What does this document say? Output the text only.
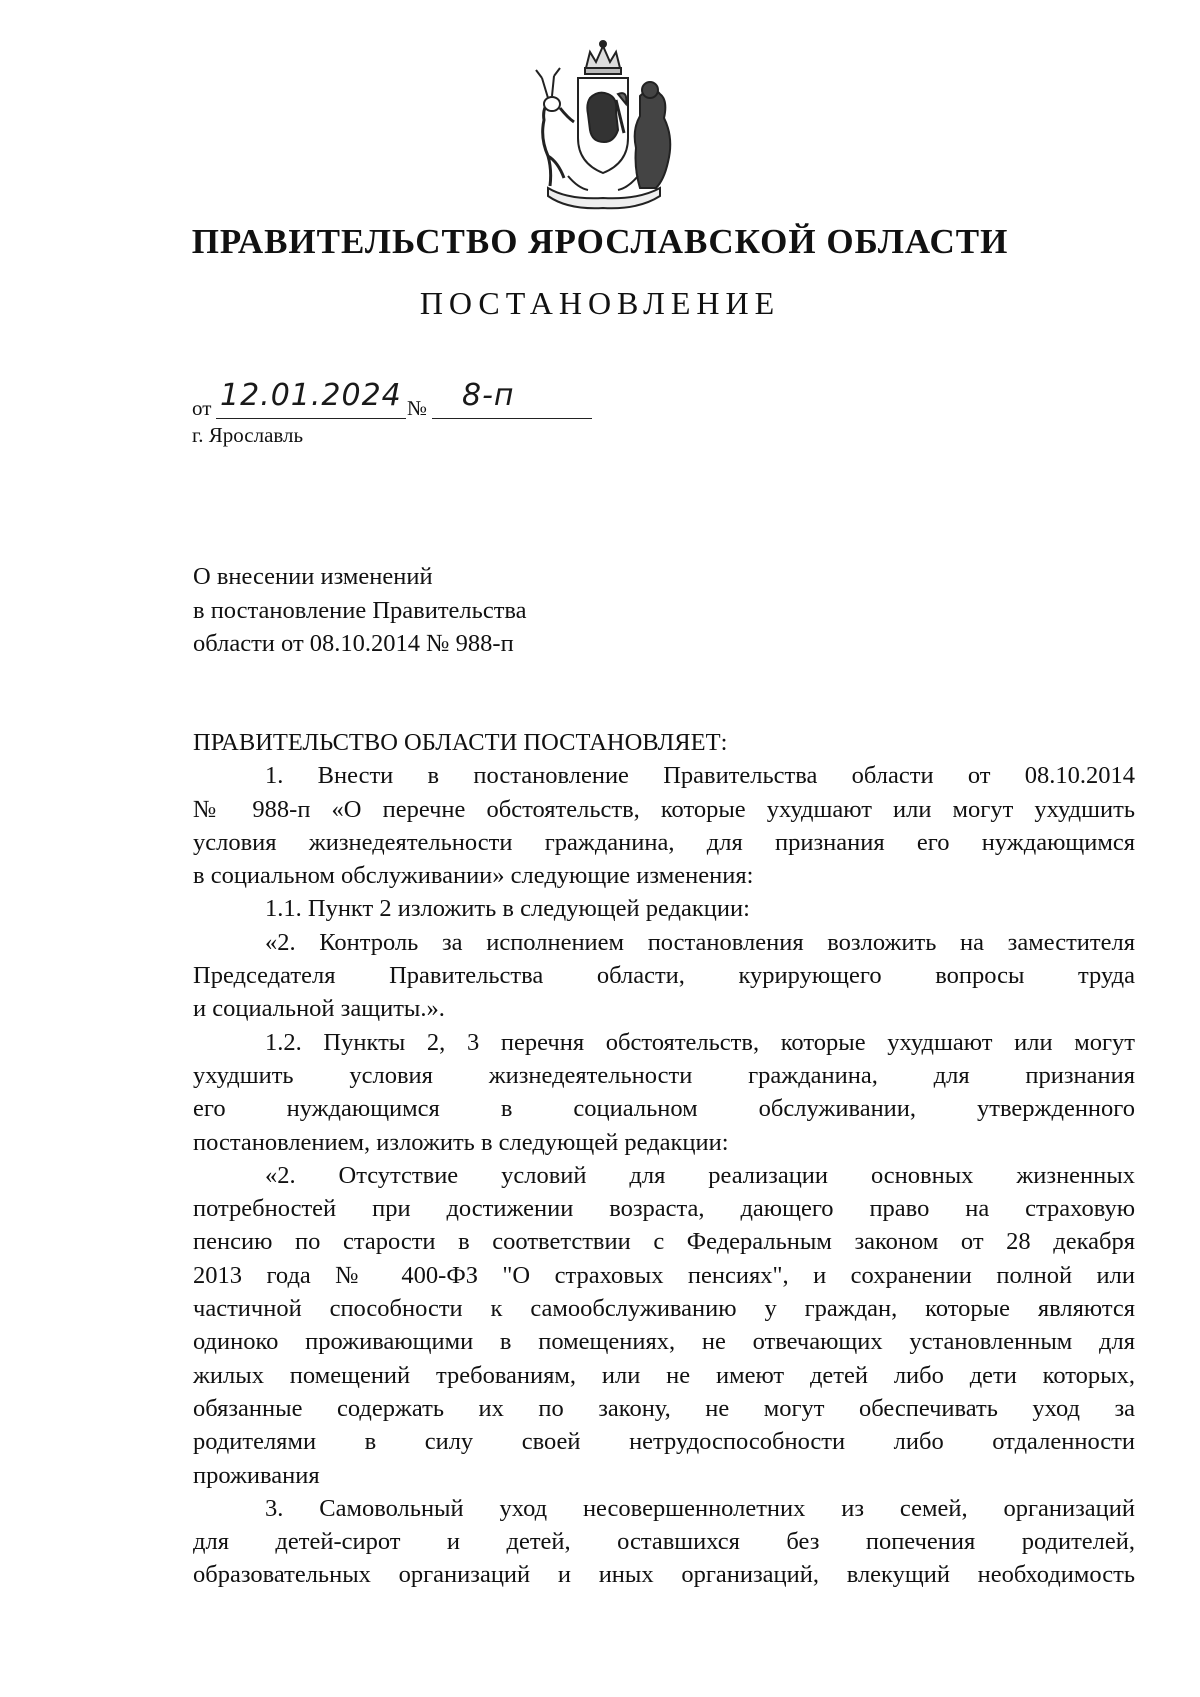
ПРАВИТЕЛЬСТВО ЯРОСЛАВСКОЙ ОБЛАСТИ
ПОСТАНОВЛЕНИЕ
от 12.01.2024 № 8-п
г. Ярославль
О внесении изменений
в постановление Правительства
области от 08.10.2014 № 988-п
ПРАВИТЕЛЬСТВО ОБЛАСТИ ПОСТАНОВЛЯЕТ:
1. Внести в постановление Правительства области от 08.10.2014
№ 988-п «О перечне обстоятельств, которые ухудшают или могут ухудшить
условия жизнедеятельности гражданина, для признания его нуждающимся
в социальном обслуживании» следующие изменения:
1.1. Пункт 2 изложить в следующей редакции:
«2. Контроль за исполнением постановления возложить на заместителя
Председателя Правительства области, курирующего вопросы труда
и социальной защиты.».
1.2. Пункты 2, 3 перечня обстоятельств, которые ухудшают или могут
ухудшить условия жизнедеятельности гражданина, для признания
его нуждающимся в социальном обслуживании, утвержденного
постановлением, изложить в следующей редакции:
«2. Отсутствие условий для реализации основных жизненных
потребностей при достижении возраста, дающего право на страховую
пенсию по старости в соответствии с Федеральным законом от 28 декабря
2013 года № 400-ФЗ "О страховых пенсиях", и сохранении полной или
частичной способности к самообслуживанию у граждан, которые являются
одиноко проживающими в помещениях, не отвечающих установленным для
жилых помещений требованиям, или не имеют детей либо дети которых,
обязанные содержать их по закону, не могут обеспечивать уход за
родителями в силу своей нетрудоспособности либо отдаленности
проживания
3. Самовольный уход несовершеннолетних из семей, организаций
для детей-сирот и детей, оставшихся без попечения родителей,
образовательных организаций и иных организаций, влекущий необходимость
